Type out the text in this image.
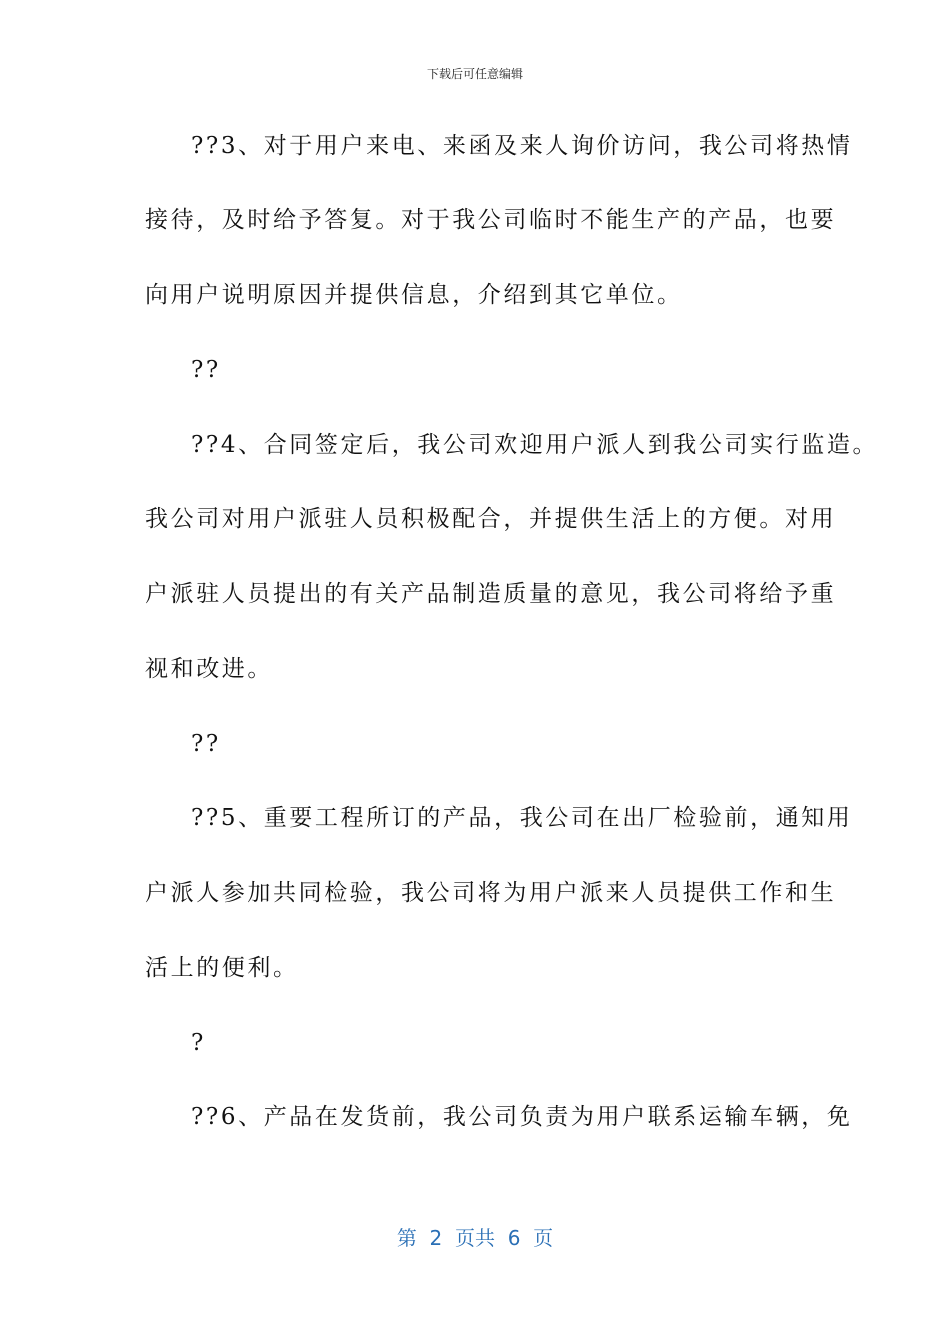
下载后可任意编辑
??3、对于用户来电、来函及来人询价访问，我公司将热情
接待，及时给予答复。对于我公司临时不能生产的产品，也要
向用户说明原因并提供信息，介绍到其它单位。
??
??4、合同签定后，我公司欢迎用户派人到我公司实行监造。
我公司对用户派驻人员积极配合，并提供生活上的方便。对用
户派驻人员提出的有关产品制造质量的意见，我公司将给予重
视和改进。
??
??5、重要工程所订的产品，我公司在出厂检验前，通知用
户派人参加共同检验，我公司将为用户派来人员提供工作和生
活上的便利。
?
??6、产品在发货前，我公司负责为用户联系运输车辆，免
第  2  页共  6  页
